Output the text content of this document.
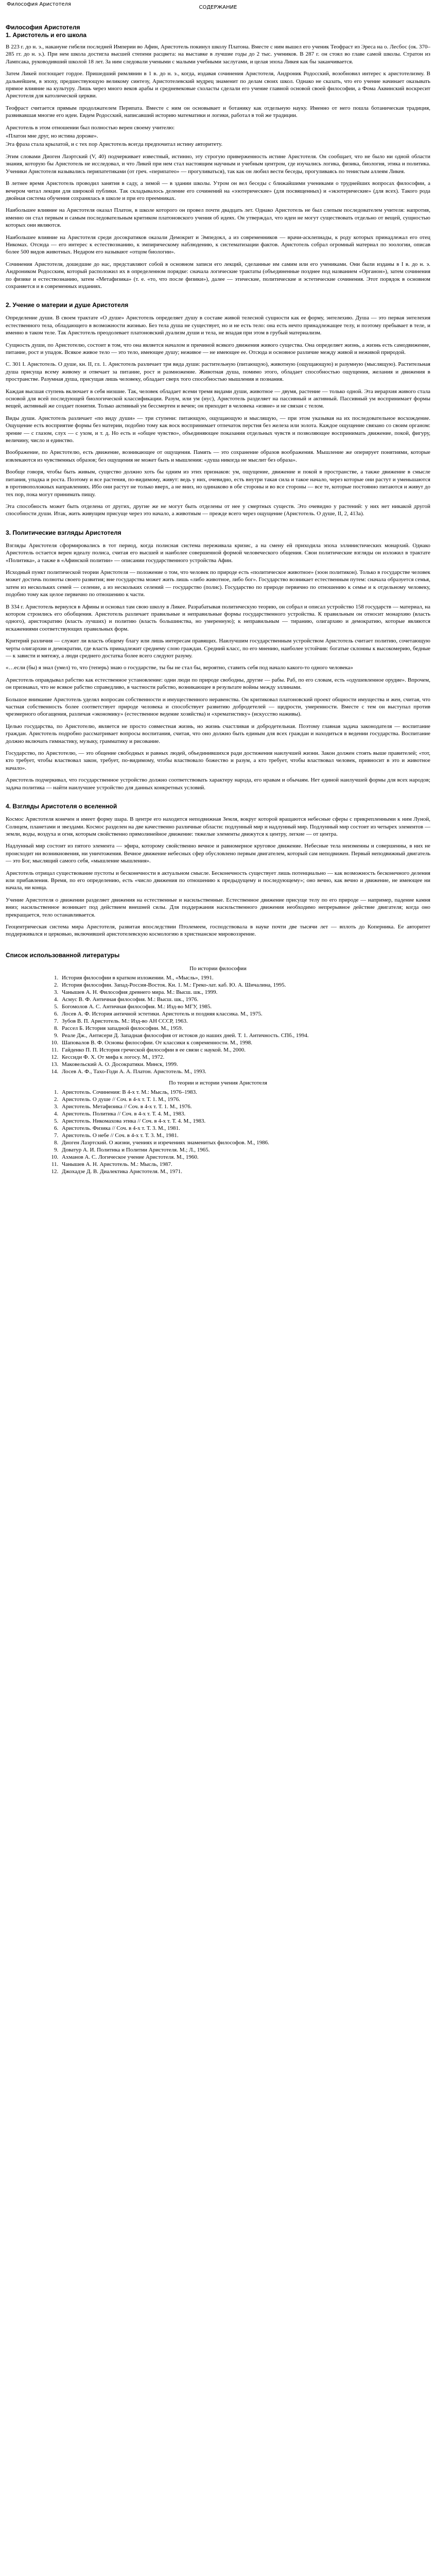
Философия Аристотеля
СОДЕРЖАНИЕ
Философия Аристотеля
1. Аристотель и его школа

В 223 г. до н. э., накануне гибели последней Империи во Афин, Аристотель покинул школу Платона. Вместе с ним вышел его ученик Теофраст из Эреса на о. Лесбос (ок. 370–285 гг. до н. э.). При нем школа достигла высшей степени расцвета: на выставке в лучшие годы до 2 тыс. учеников. В 287 г. он стоял во главе самой школы. Стратон из Лампсака, руководивший школой 18 лет. За ним следовали учеными с малыми учебными заслугами, и целая эпоха Ликея как бы заканчивается.

Затем Ликей поглощает гордое. Пришедший римлянин в 1 в. до н. э., когда, издавая сочинения Аристотеля, Андроник Родосский, возобновил интерес к аристотелизму. В дальнейшем, в эпоху, предшествующую великому синтезу, Аристотелевский мудрец знаменит по делам своих школ. Однако не сказать, что его учение начинает оказывать прямое влияние на культуру. Лишь через много веков арабы и средневековые схоласты сделали его учение главной основой своей философии, а Фома Аквинский воскресит Аристотеля для католической церкви.

Теофраст считается прямым продолжателем Перипата. Вместе с ним он основывает и ботанику как отдельную науку. Именно от него пошла ботаническая традиция, развивавшая многие его идеи. Евдем Родосский, написавший историю математики и логики, работал в той же традиции.

Аристотель в этом отношении был полностью верен своему учителю:

«Платон мне друг, но истина дороже».

Эта фраза стала крылатой, и с тех пор Аристотель всегда предпочитал истину авторитету.

Этим словами Диоген Лаэртский (V, 40) подчеркивает известный, истинно, эту строгую приверженность истине Аристотеля. Он сообщает, что не было ни одной области знания, которую бы Аристотель не исследовал, и что Ликей при нем стал настоящим научным и учебным центром, где изучались логика, физика, биология, этика и политика. Ученики Аристотеля назывались перипатетиками (от греч. «перипатео» — прогуливаться), так как он любил вести беседы, прогуливаясь по тенистым аллеям Ликея.

В летнее время Аристотель проводил занятия в саду, а зимой — в здании школы. Утром он вел беседы с ближайшими учениками о труднейших вопросах философии, а вечером читал лекции для широкой публики. Так складывалось деление его сочинений на «эзотерические» (для посвященных) и «экзотерические» (для всех). Такого рода двойная система обучения сохранялась в школе и при его преемниках.

Наибольшее влияние на Аристотеля оказал Платон, в школе которого он провел почти двадцать лет. Однако Аристотель не был слепым последователем учителя: напротив, именно он стал первым и самым последовательным критиком платоновского учения об идеях. Он утверждал, что идеи не могут существовать отдельно от вещей, сущностью которых они являются.

Наибольшее влияние на Аристотеля среди досократиков оказали Демокрит и Эмпедокл, а из современников — врачи-асклепиады, к роду которых принадлежал его отец Никомах. Отсюда — его интерес к естествознанию, к эмпирическому наблюдению, к систематизации фактов. Аристотель собрал огромный материал по зоологии, описав более 500 видов животных. Недаром его называют «отцом биологии».

Сочинения Аристотеля, дошедшие до нас, представляют собой в основном записи его лекций, сделанные им самим или его учениками. Они были изданы в I в. до н. э. Андроником Родосским, который расположил их в определенном порядке: сначала логические трактаты (объединенные позднее под названием «Органон»), затем сочинения по физике и естествознанию, затем «Метафизика» (т. е. «то, что после физики»), далее — этические, политические и эстетические сочинения. Этот порядок в основном сохраняется и в современных изданиях.

2. Учение о материи и душе Аристотеля

Определение души. В своем трактате «О душе» Аристотель определяет душу в составе живой телесной сущности как ее форму, энтелехию. Душа — это первая энтелехия естественного тела, обладающего в возможности жизнью. Без тела душа не существует, но и не есть тело: она есть нечто принадлежащее телу, и поэтому пребывает в теле, и именно в таком теле. Так Аристотель преодолевает платоновский дуализм души и тела, не впадая при этом в грубый материализм.

Сущность души, по Аристотелю, состоит в том, что она является началом и причиной всякого движения живого существа. Она определяет жизнь, а жизнь есть самодвижение, питание, рост и упадок. Всякое живое тело — это тело, имеющее душу; неживое — не имеющее ее. Отсюда и основное различие между живой и неживой природой.

С. 301 I. Аристотель. О душе, кн. II, гл. 1. Аристотель различает три вида души: растительную (питающую), животную (ощущающую) и разумную (мыслящую). Растительная душа присуща всему живому и отвечает за питание, рост и размножение. Животная душа, помимо этого, обладает способностью ощущения, желания и движения в пространстве. Разумная душа, присущая лишь человеку, обладает сверх того способностью мышления и познания.

Каждая высшая ступень включает в себя низшие. Так, человек обладает всеми тремя видами души, животное — двумя, растение — только одной. Эта иерархия живого стала основой для всей последующей биологической классификации. Разум, или ум (нус), Аристотель разделяет на пассивный и активный. Пассивный ум воспринимает формы вещей, активный же создает понятия. Только активный ум бессмертен и вечен; он приходит в человека «извне» и не связан с телом.

Виды души. Аристотель различает «по виду души» — три ступени: питающую, ощущающую и мыслящую, — при этом указывая на их последовательное восхождение. Ощущение есть восприятие формы без материи, подобно тому как воск воспринимает отпечаток перстня без железа или золота. Каждое ощущение связано со своим органом: зрение — с глазом, слух — с ухом, и т. д. Но есть и «общее чувство», объединяющее показания отдельных чувств и позволяющее воспринимать движение, покой, фигуру, величину, число и единство.

Воображение, по Аристотелю, есть движение, возникающее от ощущения. Память — это сохранение образов воображения. Мышление же оперирует понятиями, которые извлекаются из чувственных образов; без ощущения не может быть и мышления: «душа никогда не мыслит без образа».

Вообще говоря, чтобы быть живым, существо должно хоть бы одним из этих признаков: ум, ощущение, движение и покой в пространстве, а также движение в смысле питания, упадка и роста. Поэтому и все растения, по-видимому, живут: ведь у них, очевидно, есть внутри такая сила и такое начало, через которые они растут и уменьшаются в противоположных направлениях. Ибо они растут не только вверх, а не вниз, но одинаково в обе стороны и во все стороны — все те, которые постоянно питаются и живут до тех пор, пока могут принимать пищу.

Эта способность может быть отделена от других, другие же не могут быть отделены от нее у смертных существ. Это очевидно у растений: у них нет никакой другой способности души. Итак, жить живущим присуще через это начало, а животным — прежде всего через ощущение (Аристотель. О душе, II, 2, 413а).

3. Политические взгляды Аристотеля

Взгляды Аристотеля сформировались в тот период, когда полисная система переживала кризис, а на смену ей приходила эпоха эллинистических монархий. Однако Аристотель остается верен идеалу полиса, считая его высшей и наиболее совершенной формой человеческого общения. Свои политические взгляды он изложил в трактате «Политика», а также в «Афинской политии» — описании государственного устройства Афин.

Исходный пункт политической теории Аристотеля — положение о том, что человек по природе есть «политическое животное» (зоон политикон). Только в государстве человек может достичь полноты своего развития; вне государства может жить лишь «либо животное, либо бог». Государство возникает естественным путем: сначала образуется семья, затем из нескольких семей — селение, а из нескольких селений — государство (полис). Государство по природе первично по отношению к семье и к отдельному человеку, подобно тому как целое первично по отношению к части.

В 334 г. Аристотель вернулся в Афины и основал там свою школу в Ликее. Разрабатывая политическую теорию, он собрал и описал устройство 158 государств — материал, на котором строились его обобщения. Аристотель различает правильные и неправильные формы государственного устройства. К правильным он относит монархию (власть одного), аристократию (власть лучших) и политию (власть большинства, но умеренную); к неправильным — тиранию, олигархию и демократию, которые являются искажениями соответствующих правильных форм.

Критерий различия — служит ли власть общему благу или лишь интересам правящих. Наилучшим государственным устройством Аристотель считает политию, сочетающую черты олигархии и демократии, где власть принадлежит среднему слою граждан. Средний класс, по его мнению, наиболее устойчив: богатые склонны к высокомерию, бедные — к зависти и мятежу, а люди среднего достатка более всего следуют разуму.

«…если (бы) я знал (умел) то, что (теперь) знаю о государстве, ты бы не стал бы, вероятно, ставить себя под начало какого-то одного человека»

Аристотель оправдывал рабство как естественное установление: одни люди по природе свободны, другие — рабы. Раб, по его словам, есть «одушевленное орудие». Впрочем, он признавал, что не всякое рабство справедливо, в частности рабство, возникающее в результате войны между эллинами.

Большое внимание Аристотель уделял вопросам собственности и имущественного неравенства. Он критиковал платоновский проект общности имущества и жен, считая, что частная собственность более соответствует природе человека и способствует развитию добродетелей — щедрости, умеренности. Вместе с тем он выступал против чрезмерного обогащения, различая «экономику» (естественное ведение хозяйства) и «хрематистику» (искусство наживы).

Целью государства, по Аристотелю, является не просто совместная жизнь, но жизнь счастливая и добродетельная. Поэтому главная задача законодателя — воспитание граждан. Аристотель подробно рассматривает вопросы воспитания, считая, что оно должно быть единым для всех граждан и находиться в ведении государства. Воспитание должно включать гимнастику, музыку, грамматику и рисование.

Государство, по Аристотелю, — это общение свободных и равных людей, объединившихся ради достижения наилучшей жизни. Закон должен стоять выше правителей; «тот, кто требует, чтобы властвовал закон, требует, по-видимому, чтобы властвовало божество и разум, а кто требует, чтобы властвовал человек, привносит в это и животное начало».

Аристотель подчеркивал, что государственное устройство должно соответствовать характеру народа, его нравам и обычаям. Нет единой наилучшей формы для всех народов; задача политика — найти наилучшее устройство для данных конкретных условий.

4. Взгляды Аристотеля о вселенной

Космос Аристотеля конечен и имеет форму шара. В центре его находится неподвижная Земля, вокруг которой вращаются небесные сферы с прикрепленными к ним Луной, Солнцем, планетами и звездами. Космос разделен на две качественно различные области: подлунный мир и надлунный мир. Подлунный мир состоит из четырех элементов — земли, воды, воздуха и огня, которым свойственно прямолинейное движение: тяжелые элементы движутся к центру, легкие — от центра.

Надлунный мир состоит из пятого элемента — эфира, которому свойственно вечное и равномерное круговое движение. Небесные тела неизменны и совершенны, в них не происходит ни возникновения, ни уничтожения. Вечное движение небесных сфер обусловлено первым двигателем, который сам неподвижен. Первый неподвижный двигатель — это Бог, мыслящий самого себя, «мышление мышления».

Аристотель отрицал существование пустоты и бесконечности в актуальном смысле. Бесконечность существует лишь потенциально — как возможность бесконечного деления или прибавления. Время, по его определению, есть «число движения по отношению к предыдущему и последующему»; оно вечно, как вечно и движение, не имеющее ни начала, ни конца.

Учение Аристотеля о движении разделяет движения на естественные и насильственные. Естественное движение присуще телу по его природе — например, падение камня вниз; насильственное возникает под действием внешней силы. Для поддержания насильственного движения необходимо непрерывное действие двигателя; когда оно прекращается, тело останавливается.

Геоцентрическая система мира Аристотеля, развитая впоследствии Птолемеем, господствовала в науке почти две тысячи лет — вплоть до Коперника. Ее авторитет поддерживался и церковью, включившей аристотелевскую космологию в христианское мировоззрение.

Список использованной литературы
По истории философии
1. История философии в кратком изложении. М., «Мысль», 1991.
2. История философии. Запад-Россия-Восток. Кн. 1. М.: Греко-лат. каб. Ю. А. Шичалина, 1995.
3. Чанышев А. Н. Философия древнего мира. М.: Высш. шк., 1999.
4. Асмус В. Ф. Античная философия. М.: Высш. шк., 1976.
5. Богомолов А. С. Античная философия. М.: Изд-во МГУ, 1985.
6. Лосев А. Ф. История античной эстетики. Аристотель и поздняя классика. М., 1975.
7. Зубов В. П. Аристотель. М.: Изд-во АН СССР, 1963.
8. Рассел Б. История западной философии. М., 1959.
9. Реале Дж., Антисери Д. Западная философия от истоков до наших дней. Т. 1. Античность. СПб., 1994.
10. Шаповалов В. Ф. Основы философии. От классики к современности. М., 1998.
11. Гайденко П. П. История греческой философии в ее связи с наукой. М., 2000.
12. Кессиди Ф. Х. От мифа к логосу. М., 1972.
13. Маковельский А. О. Досократики. Минск, 1999.
14. Лосев А. Ф., Тахо-Годи А. А. Платон. Аристотель. М., 1993.
По теории и истории учения Аристотеля
1. Аристотель. Сочинения: В 4-х т. М.: Мысль, 1976–1983.
2. Аристотель. О душе // Соч. в 4-х т. Т. 1. М., 1976.
3. Аристотель. Метафизика // Соч. в 4-х т. Т. 1. М., 1976.
4. Аристотель. Политика // Соч. в 4-х т. Т. 4. М., 1983.
5. Аристотель. Никомахова этика // Соч. в 4-х т. Т. 4. М., 1983.
6. Аристотель. Физика // Соч. в 4-х т. Т. 3. М., 1981.
7. Аристотель. О небе // Соч. в 4-х т. Т. 3. М., 1981.
8. Диоген Лаэртский. О жизни, учениях и изречениях знаменитых философов. М., 1986.
9. Доватур А. И. Политика и Политии Аристотеля. М.; Л., 1965.
10. Ахманов А. С. Логическое учение Аристотеля. М., 1960.
11. Чанышев А. Н. Аристотель. М.: Мысль, 1987.
12. Джохадзе Д. В. Диалектика Аристотеля. М., 1971.
